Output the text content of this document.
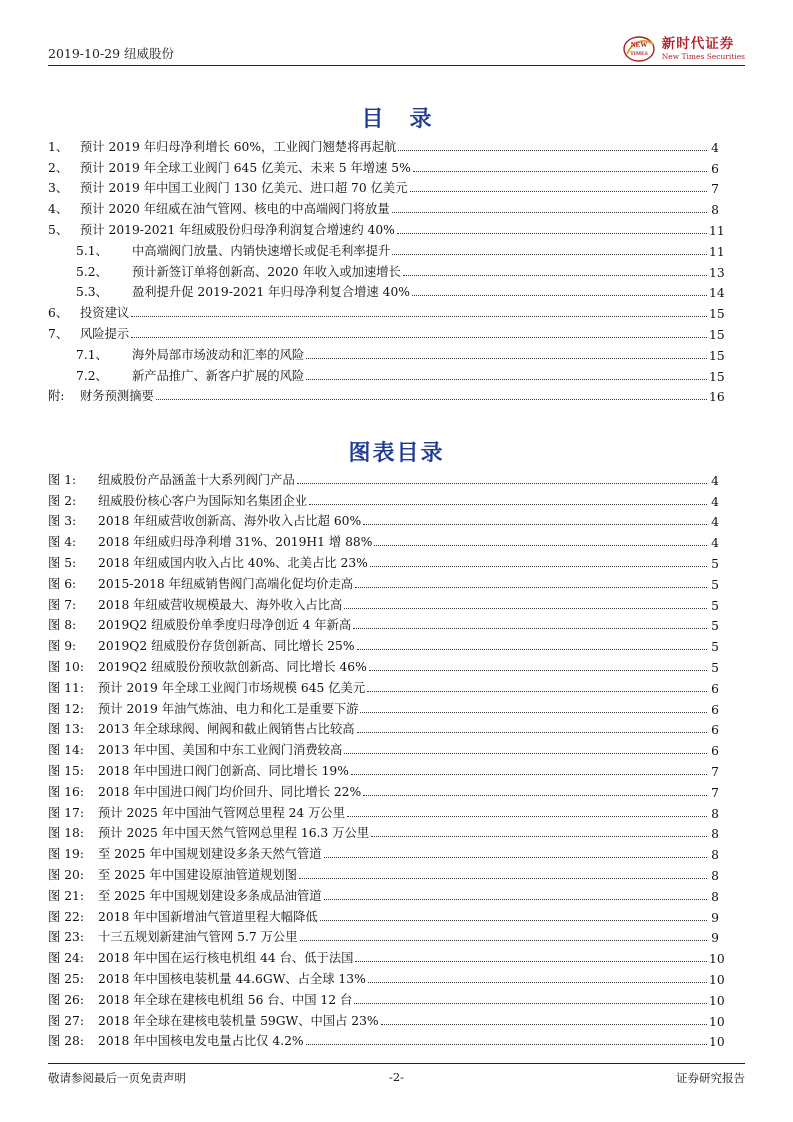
2019-10-29 纽威股份
NEW
TIMES
新时代证券
New Times Securities
目录
1、 预计 2019 年归母净利增长 60%，工业阀门翘楚将再起航	4
2、 预计 2019 年全球工业阀门 645 亿美元、未来 5 年增速 5%	6
3、 预计 2019 年中国工业阀门 130 亿美元、进口超 70 亿美元	7
4、 预计 2020 年纽威在油气管网、核电的中高端阀门将放量	8
5、 预计 2019-2021 年纽威股份归母净利润复合增速约 40%	11
5.1、	中高端阀门放量、内销快速增长或促毛利率提升	11
5.2、	预计新签订单将创新高、2020 年收入或加速增长	13
5.3、	盈利提升促 2019-2021 年归母净利复合增速 40%	14
6、 投资建议	15
7、 风险提示	15
7.1、	海外局部市场波动和汇率的风险	15
7.2、	新产品推广、新客户扩展的风险	15
附:	财务预测摘要	16
图表目录
图 1:	纽威股份产品涵盖十大系列阀门产品	4
图 2:	纽威股份核心客户为国际知名集团企业	4
图 3:	2018 年纽威营收创新高、海外收入占比超 60%	4
图 4:	2018 年纽威归母净利增 31%、2019H1 增 88%	4
图 5:	2018 年纽威国内收入占比 40%、北美占比 23%	5
图 6:	2015-2018 年纽威销售阀门高端化促均价走高	5
图 7:	2018 年纽威营收规模最大、海外收入占比高	5
图 8:	2019Q2 纽威股份单季度归母净创近 4 年新高	5
图 9:	2019Q2 纽威股份存货创新高、同比增长 25%	5
图 10:	2019Q2 纽威股份预收款创新高、同比增长 46%	5
图 11:	预计 2019 年全球工业阀门市场规模 645 亿美元	6
图 12:	预计 2019 年油气炼油、电力和化工是重要下游	6
图 13:	2013 年全球球阀、闸阀和截止阀销售占比较高	6
图 14:	2013 年中国、美国和中东工业阀门消费较高	6
图 15:	2018 年中国进口阀门创新高、同比增长 19%	7
图 16:	2018 年中国进口阀门均价回升、同比增长 22%	7
图 17:	预计 2025 年中国油气管网总里程 24 万公里	8
图 18:	预计 2025 年中国天然气管网总里程 16.3 万公里	8
图 19:	至 2025 年中国规划建设多条天然气管道	8
图 20:	至 2025 年中国建设原油管道规划图	8
图 21:	至 2025 年中国规划建设多条成品油管道	8
图 22:	2018 年中国新增油气管道里程大幅降低	9
图 23:	十三五规划新建油气管网 5.7 万公里	9
图 24:	2018 年中国在运行核电机组 44 台、低于法国	10
图 25:	2018 年中国核电装机量 44.6GW、占全球 13%	10
图 26:	2018 年全球在建核电机组 56 台、中国 12 台	10
图 27:	2018 年全球在建核电装机量 59GW、中国占 23%	10
图 28:	2018 年中国核电发电量占比仅 4.2%	10
敬请参阅最后一页免责声明	-2-	证券研究报告
